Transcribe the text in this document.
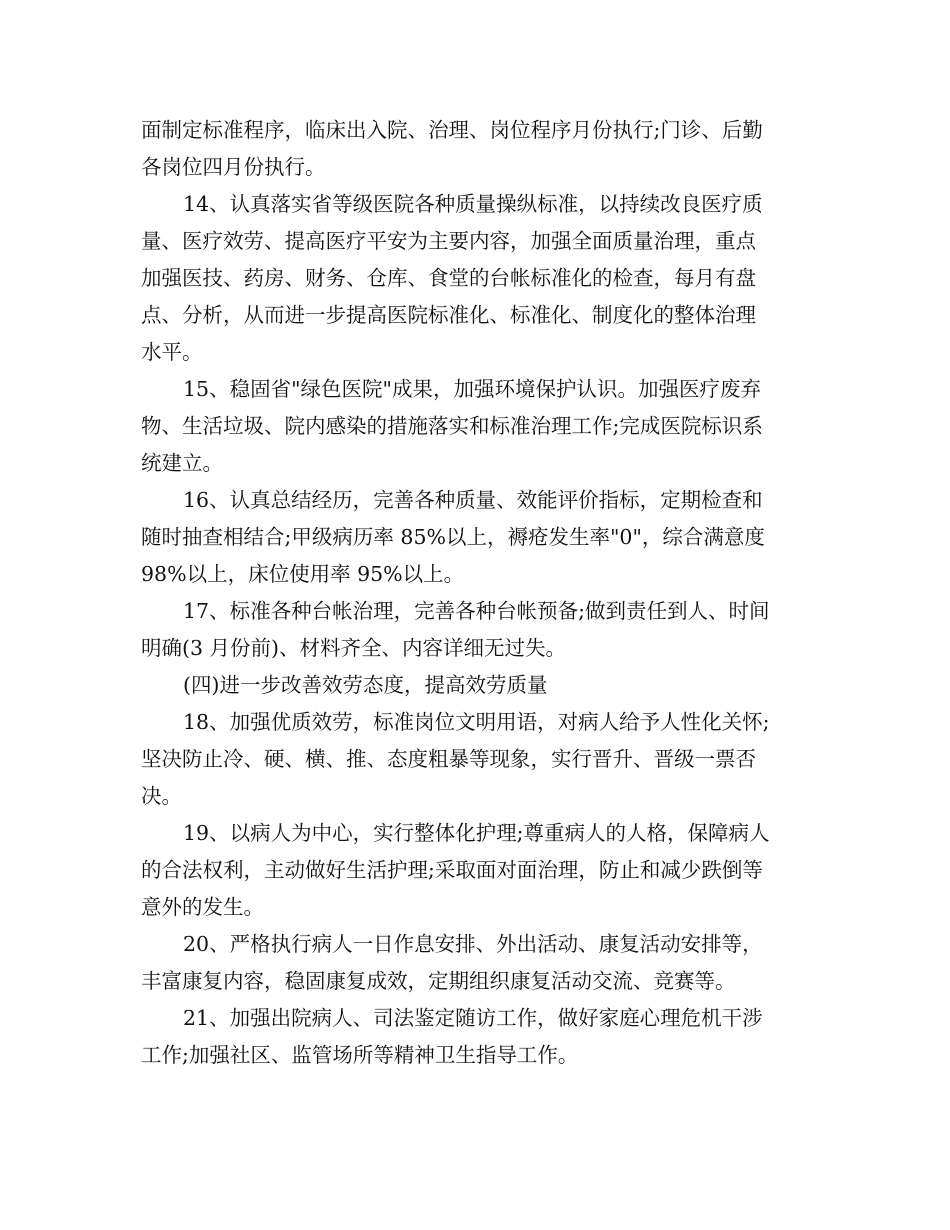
面制定标准程序，临床出入院、治理、岗位程序月份执行;门诊、后勤
各岗位四月份执行。
14、认真落实省等级医院各种质量操纵标准，以持续改良医疗质
量、医疗效劳、提高医疗平安为主要内容，加强全面质量治理，重点
加强医技、药房、财务、仓库、食堂的台帐标准化的检查，每月有盘
点、分析，从而进一步提高医院标准化、标准化、制度化的整体治理
水平。
15、稳固省"绿色医院"成果，加强环境保护认识。加强医疗废弃
物、生活垃圾、院内感染的措施落实和标准治理工作;完成医院标识系
统建立。
16、认真总结经历，完善各种质量、效能评价指标，定期检查和
随时抽查相结合;甲级病历率 85%以上，褥疮发生率"0"，综合满意度
98%以上，床位使用率 95%以上。
17、标准各种台帐治理，完善各种台帐预备;做到责任到人、时间
明确(3 月份前)、材料齐全、内容详细无过失。
(四)进一步改善效劳态度，提高效劳质量
18、加强优质效劳，标准岗位文明用语，对病人给予人性化关怀;
坚决防止冷、硬、横、推、态度粗暴等现象，实行晋升、晋级一票否
决。
19、以病人为中心，实行整体化护理;尊重病人的人格，保障病人
的合法权利，主动做好生活护理;采取面对面治理，防止和减少跌倒等
意外的发生。
20、严格执行病人一日作息安排、外出活动、康复活动安排等，
丰富康复内容，稳固康复成效，定期组织康复活动交流、竞赛等。
21、加强出院病人、司法鉴定随访工作，做好家庭心理危机干涉
工作;加强社区、监管场所等精神卫生指导工作。
